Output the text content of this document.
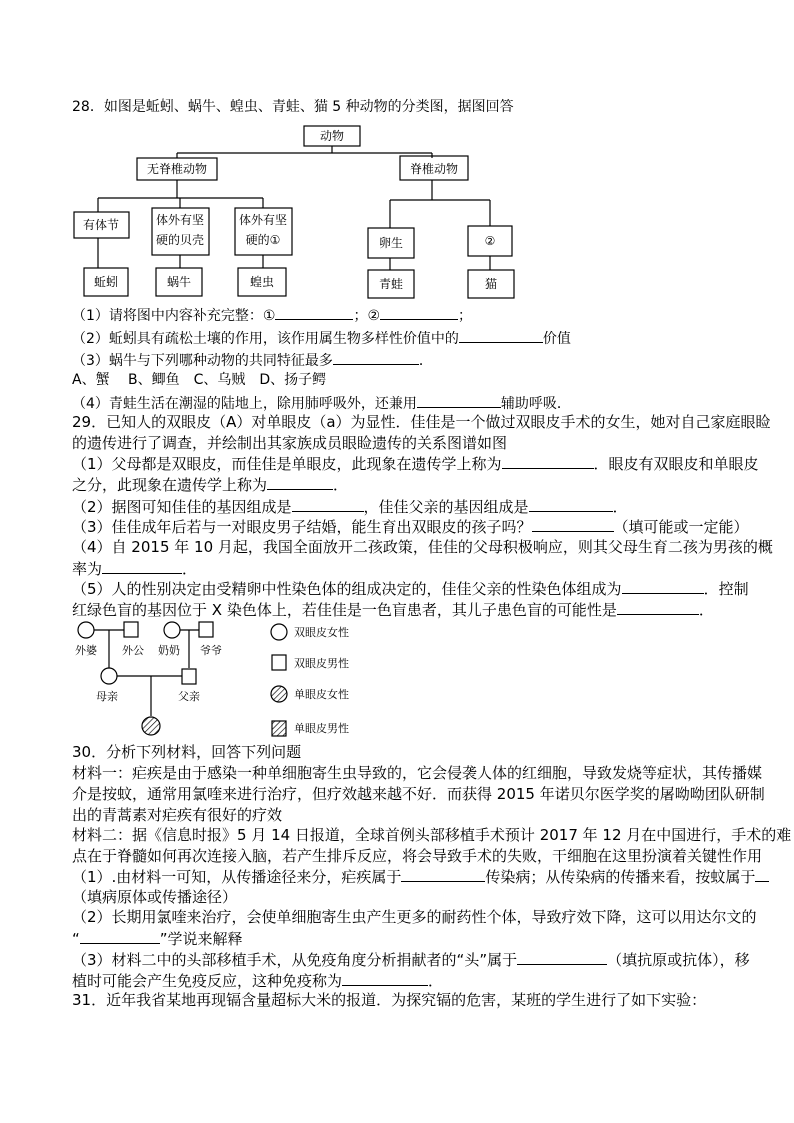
28．如图是蚯蚓、蜗牛、蝗虫、青蛙、猫 5 种动物的分类图，据图回答
动物
无脊椎动物	脊椎动物
有体节	体外有坚
硬的贝壳
体外有坚
硬的①	卵生	②
蚯蚓	蜗牛	蝗虫	青蛙	猫
（1）请将图中内容补充完整：①	；②	；
（2）蚯蚓具有疏松土壤的作用，该作用属生物多样性价值中的	价值
（3）蜗牛与下列哪种动物的共同特征最多	．
A、蟹　 B、鲫鱼　C、乌贼　D、扬子鳄
（4）青蛙生活在潮湿的陆地上，除用肺呼吸外，还兼用	辅助呼吸．
29．已知人的双眼皮（A）对单眼皮（a）为显性．佳佳是一个做过双眼皮手术的女生，她对自己家庭眼睑
的遗传进行了调查，并绘制出其家族成员眼睑遗传的关系图谱如图
（1）父母都是双眼皮，而佳佳是单眼皮，此现象在遗传学上称为	．眼皮有双眼皮和单眼皮
之分，此现象在遗传学上称为	．
（2）据图可知佳佳的基因组成是	，佳佳父亲的基因组成是	．
（3）佳佳成年后若与一对眼皮男子结婚，能生育出双眼皮的孩子吗？	（填可能或一定能）
（4）自 2015 年 10 月起，我国全面放开二孩政策，佳佳的父母积极响应，则其父母生育二孩为男孩的概
率为	．
（5）人的性别决定由受精卵中性染色体的组成决定的，佳佳父亲的性染色体组成为	．控制
红绿色盲的基因位于 X 染色体上，若佳佳是一色盲患者，其儿子患色盲的可能性是	．
外婆 外公 奶奶 爷爷
母亲	父亲
双眼皮女性
双眼皮男性
单眼皮女性
单眼皮男性
30．分析下列材料，回答下列问题
材料一：疟疾是由于感染一种单细胞寄生虫导致的，它会侵袭人体的红细胞，导致发烧等症状，其传播媒
介是按蚊，通常用氯喹来进行治疗，但疗效越来越不好．而获得 2015 年诺贝尔医学奖的屠呦呦团队研制
出的青蒿素对疟疾有很好的疗效
材料二：据《信息时报》5 月 14 日报道，全球首例头部移植手术预计 2017 年 12 月在中国进行，手术的难
点在于脊髓如何再次连接入脑，若产生排斥反应，将会导致手术的失败，干细胞在这里扮演着关键性作用
（1）.由材料一可知，从传播途径来分，疟疾属于	传染病；从传染病的传播来看，按蚊属于
（填病原体或传播途径）
（2）长期用氯喹来治疗，会使单细胞寄生虫产生更多的耐药性个体，导致疗效下降，这可以用达尔文的
“	”学说来解释
（3）材料二中的头部移植手术，从免疫角度分析捐献者的“头”属于	（填抗原或抗体），移
植时可能会产生免疫反应，这种免疫称为	．
31．近年我省某地再现镉含量超标大米的报道．为探究镉的危害，某班的学生进行了如下实验：
